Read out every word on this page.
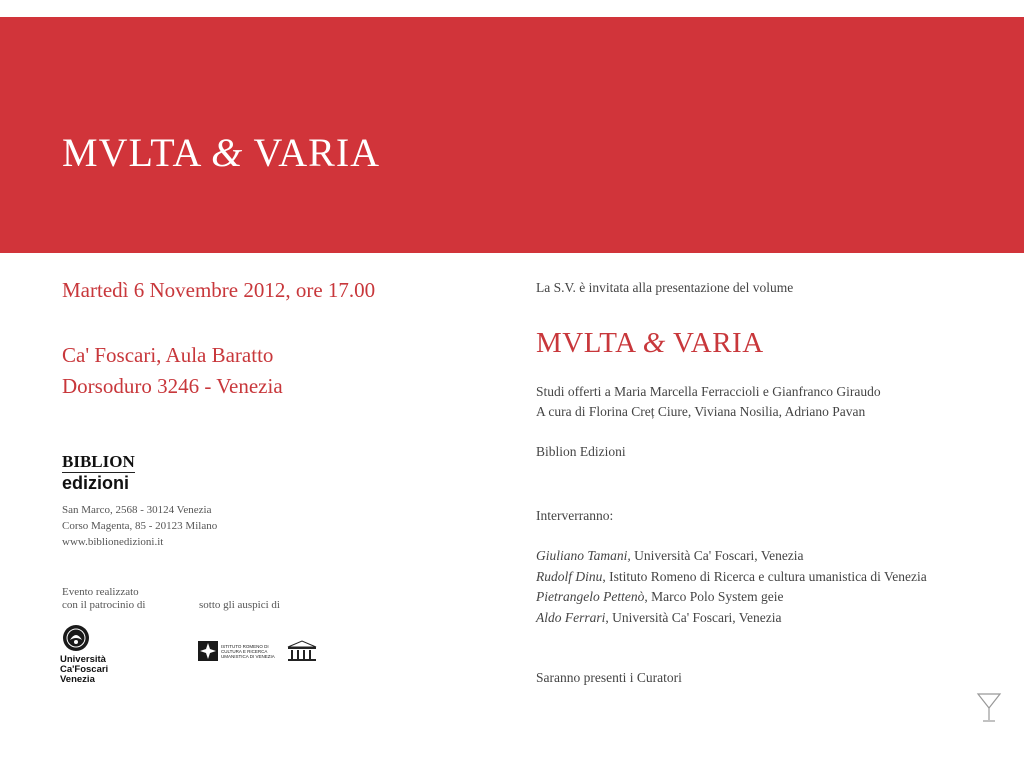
MVLTA & VARIA
Martedì 6 Novembre 2012, ore 17.00
Ca' Foscari, Aula Baratto
Dorsoduro 3246 - Venezia
BIBLION
edizioni
San Marco, 2568 - 30124 Venezia
Corso Magenta, 85 - 20123 Milano
www.biblionedizioni.it
Evento realizzato
con il patrocinio di	sotto gli auspici di
Università
Ca'Foscari
Venezia
ISTITUTO ROMENO DI CULTURA E RICERCA UMANISTICA DI VENEZIA
La S.V. è invitata alla presentazione del volume
MVLTA & VARIA
Studi offerti a Maria Marcella Ferraccioli e Gianfranco Giraudo
A cura di Florina Creț Ciure, Viviana Nosilia, Adriano Pavan
Biblion Edizioni
Interverranno:
Giuliano Tamani, Università Ca' Foscari, Venezia
Rudolf Dinu, Istituto Romeno di Ricerca e cultura umanistica di Venezia
Pietrangelo Pettenò, Marco Polo System geie
Aldo Ferrari, Università Ca' Foscari, Venezia
Saranno presenti i Curatori
